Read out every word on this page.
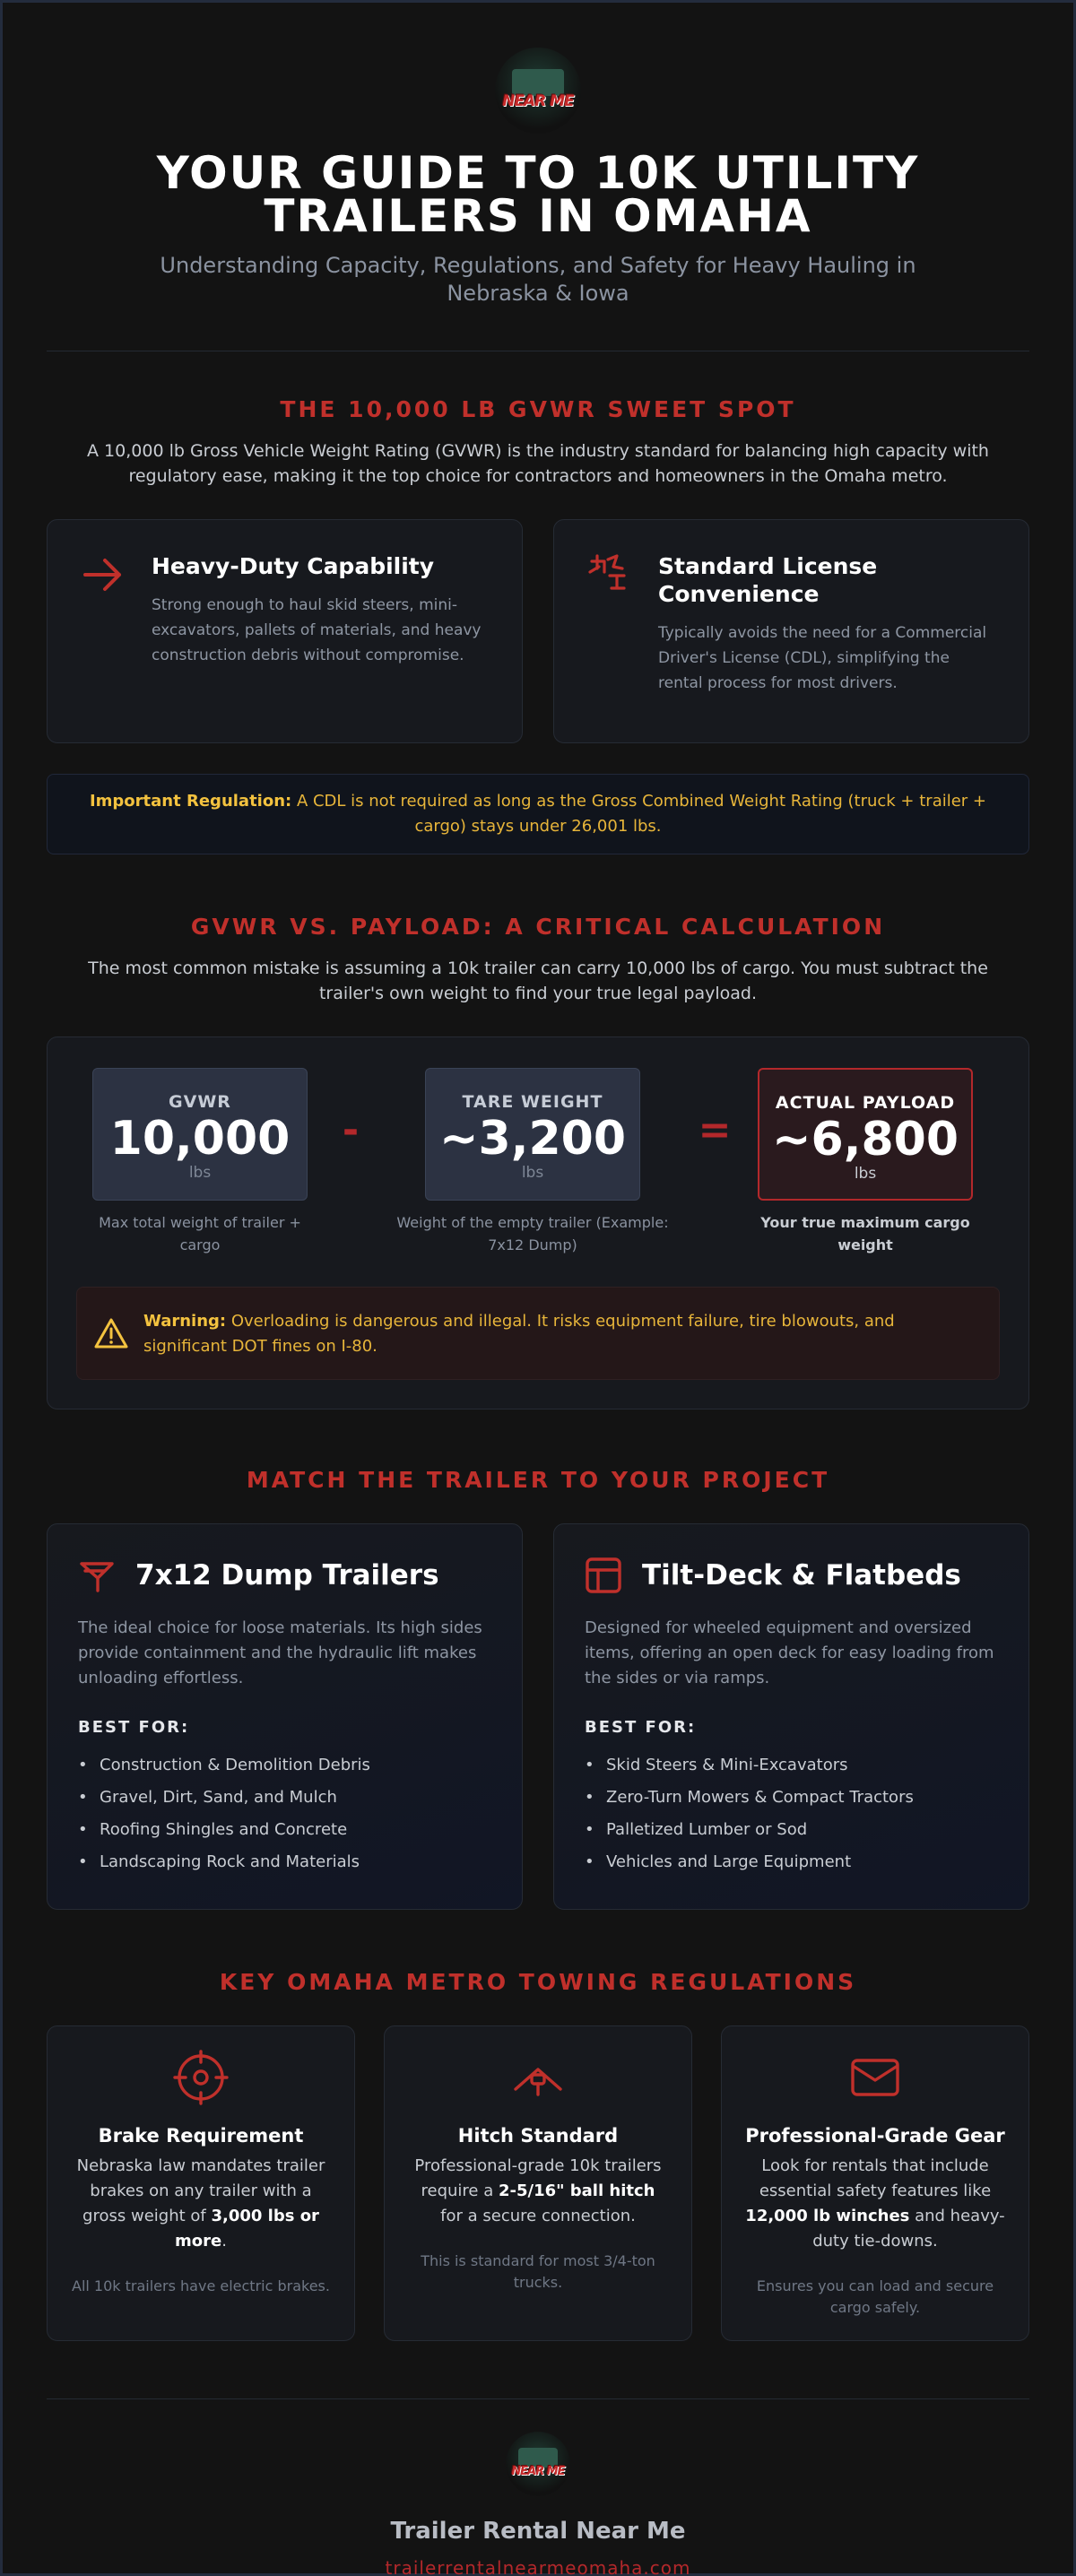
NEAR ME
YOUR GUIDE TO 10K UTILITY
TRAILERS IN OMAHA
Understanding Capacity, Regulations, and Safety for Heavy Hauling in Nebraska & Iowa
THE 10,000 LB GVWR SWEET SPOT
A 10,000 lb Gross Vehicle Weight Rating (GVWR) is the industry standard for balancing high capacity with regulatory ease, making it the top choice for contractors and homeowners in the Omaha metro.
Heavy-Duty Capability

Strong enough to haul skid steers, mini-excavators, pallets of materials, and heavy construction debris without compromise.

Standard License Convenience

Typically avoids the need for a Commercial Driver's License (CDL), simplifying the rental process for most drivers.

Important Regulation: A CDL is not required as long as the Gross Combined Weight Rating (truck + trailer + cargo) stays under 26,001 lbs.
GVWR VS. PAYLOAD: A CRITICAL CALCULATION
The most common mistake is assuming a 10k trailer can carry 10,000 lbs of cargo. You must subtract the trailer's own weight to find your true legal payload.
GVWR
10,000
lbs
Max total weight of trailer + cargo
-
TARE WEIGHT
~3,200
lbs
Weight of the empty trailer (Example: 7x12 Dump)
=
ACTUAL PAYLOAD
~6,800
lbs
Your true maximum cargo weight
Warning: Overloading is dangerous and illegal. It risks equipment failure, tire blowouts, and significant DOT fines on I-80.
MATCH THE TRAILER TO YOUR PROJECT
7x12 Dump Trailers

The ideal choice for loose materials. Its high sides provide containment and the hydraulic lift makes unloading effortless.

BEST FOR:
• Construction & Demolition Debris
• Gravel, Dirt, Sand, and Mulch
• Roofing Shingles and Concrete
• Landscaping Rock and Materials
Tilt-Deck & Flatbeds

Designed for wheeled equipment and oversized items, offering an open deck for easy loading from the sides or via ramps.

BEST FOR:
• Skid Steers & Mini-Excavators
• Zero-Turn Mowers & Compact Tractors
• Palletized Lumber or Sod
• Vehicles and Large Equipment
KEY OMAHA METRO TOWING REGULATIONS
Brake Requirement

Nebraska law mandates trailer brakes on any trailer with a gross weight of 3,000 lbs or more.

All 10k trailers have electric brakes.
Hitch Standard

Professional-grade 10k trailers require a 2-5/16" ball hitch for a secure connection.

This is standard for most 3/4-ton trucks.
Professional-Grade Gear

Look for rentals that include essential safety features like 12,000 lb winches and heavy-duty tie-downs.

Ensures you can load and secure cargo safely.
NEAR ME
Trailer Rental Near Me
trailerrentalnearmeomaha.com
